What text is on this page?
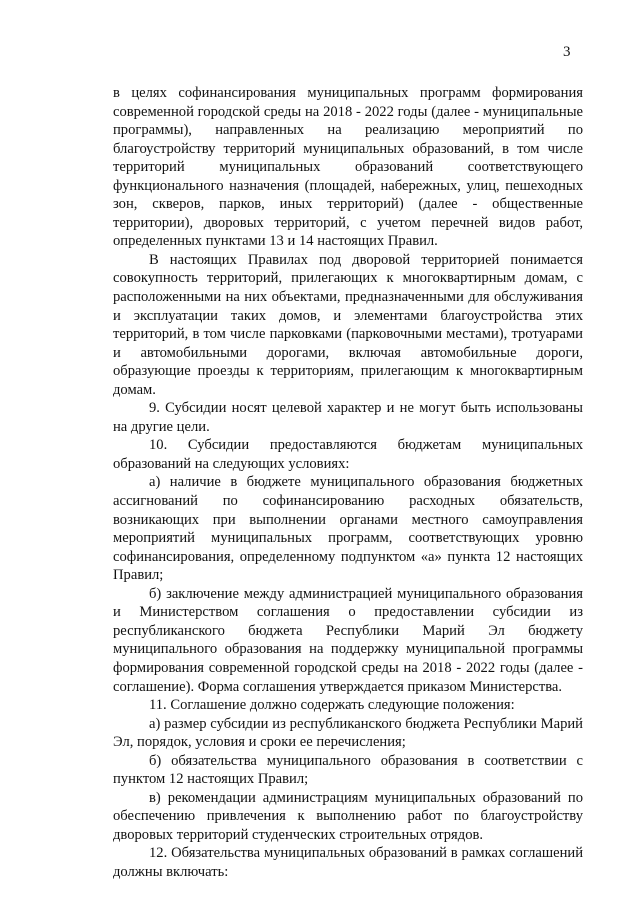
3

в целях софинансирования муниципальных программ формирования современной городской среды на 2018 - 2022 годы (далее - муниципальные программы), направленных на реализацию мероприятий по благоустройству территорий муниципальных образований, в том числе территорий муниципальных образований соответствующего функционального назначения (площадей, набережных, улиц, пешеходных зон, скверов, парков, иных территорий) (далее - общественные территории), дворовых территорий, с учетом перечней видов работ, определенных пунктами 13 и 14 настоящих Правил.

В настоящих Правилах под дворовой территорией понимается совокупность территорий, прилегающих к многоквартирным домам, с расположенными на них объектами, предназначенными для обслуживания и эксплуатации таких домов, и элементами благоустройства этих территорий, в том числе парковками (парковочными местами), тротуарами и автомобильными дорогами, включая автомобильные дороги, образующие проезды к территориям, прилегающим к многоквартирным домам.

9. Субсидии носят целевой характер и не могут быть использованы на другие цели.

10. Субсидии предоставляются бюджетам муниципальных образований на следующих условиях:

а) наличие в бюджете муниципального образования бюджетных ассигнований по софинансированию расходных обязательств, возникающих при выполнении органами местного самоуправления мероприятий муниципальных программ, соответствующих уровню софинансирования, определенному подпунктом «а» пункта 12 настоящих Правил;

б) заключение между администрацией муниципального образования и Министерством соглашения о предоставлении субсидии из республиканского бюджета Республики Марий Эл бюджету муниципального образования на поддержку муниципальной программы формирования современной городской среды на 2018 - 2022 годы (далее - соглашение). Форма соглашения утверждается приказом Министерства.

11. Соглашение должно содержать следующие положения:

а) размер субсидии из республиканского бюджета Республики Марий Эл, порядок, условия и сроки ее перечисления;

б) обязательства муниципального образования в соответствии с пунктом 12 настоящих Правил;

в) рекомендации администрациям муниципальных образований по обеспечению привлечения к выполнению работ по благоустройству дворовых территорий студенческих строительных отрядов.

12. Обязательства муниципальных образований в рамках соглашений должны включать:
